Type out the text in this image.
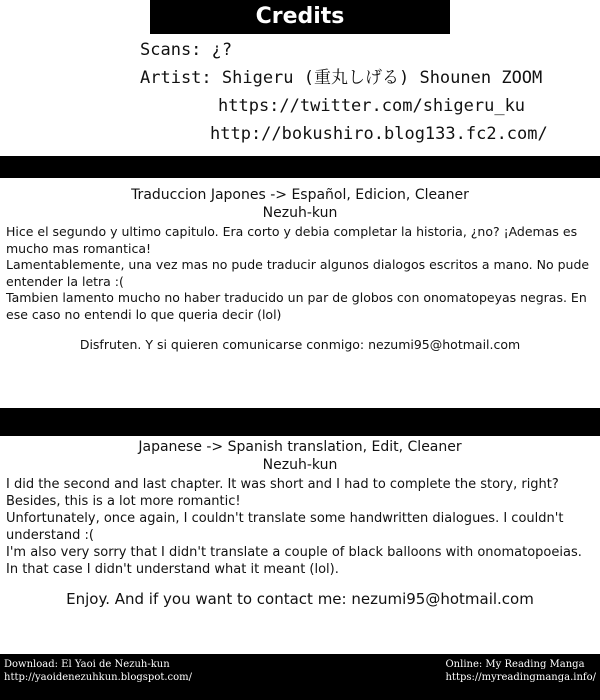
Credits
Scans: ¿?
Artist: Shigeru (重丸しげる) Shounen ZOOM
https://twitter.com/shigeru_ku
http://bokushiro.blog133.fc2.com/
Traduccion Japones -> Español, Edicion, Cleaner
Nezuh-kun

Hice el segundo y ultimo capitulo. Era corto y debia completar la historia, ¿no? ¡Ademas es mucho mas romantica!

Lamentablemente, una vez mas no pude traducir algunos dialogos escritos a mano. No pude entender la letra :(

Tambien lamento mucho no haber traducido un par de globos con onomatopeyas negras. En ese caso no entendi lo que queria decir (lol)

Disfruten. Y si quieren comunicarse conmigo: nezumi95@hotmail.com
Japanese -> Spanish translation, Edit, Cleaner
Nezuh-kun

I did the second and last chapter. It was short and I had to complete the story, right? Besides, this is a lot more romantic!

Unfortunately, once again, I couldn't translate some handwritten dialogues. I couldn't understand :(

I'm also very sorry that I didn't translate a couple of black balloons with onomatopoeias. In that case I didn't understand what it meant (lol).

Enjoy. And if you want to contact me: nezumi95@hotmail.com
Download: El Yaoi de Nezuh-kun
http://yaoidenezuhkun.blogspot.com/
Online: My Reading Manga
https://myreadingmanga.info/
